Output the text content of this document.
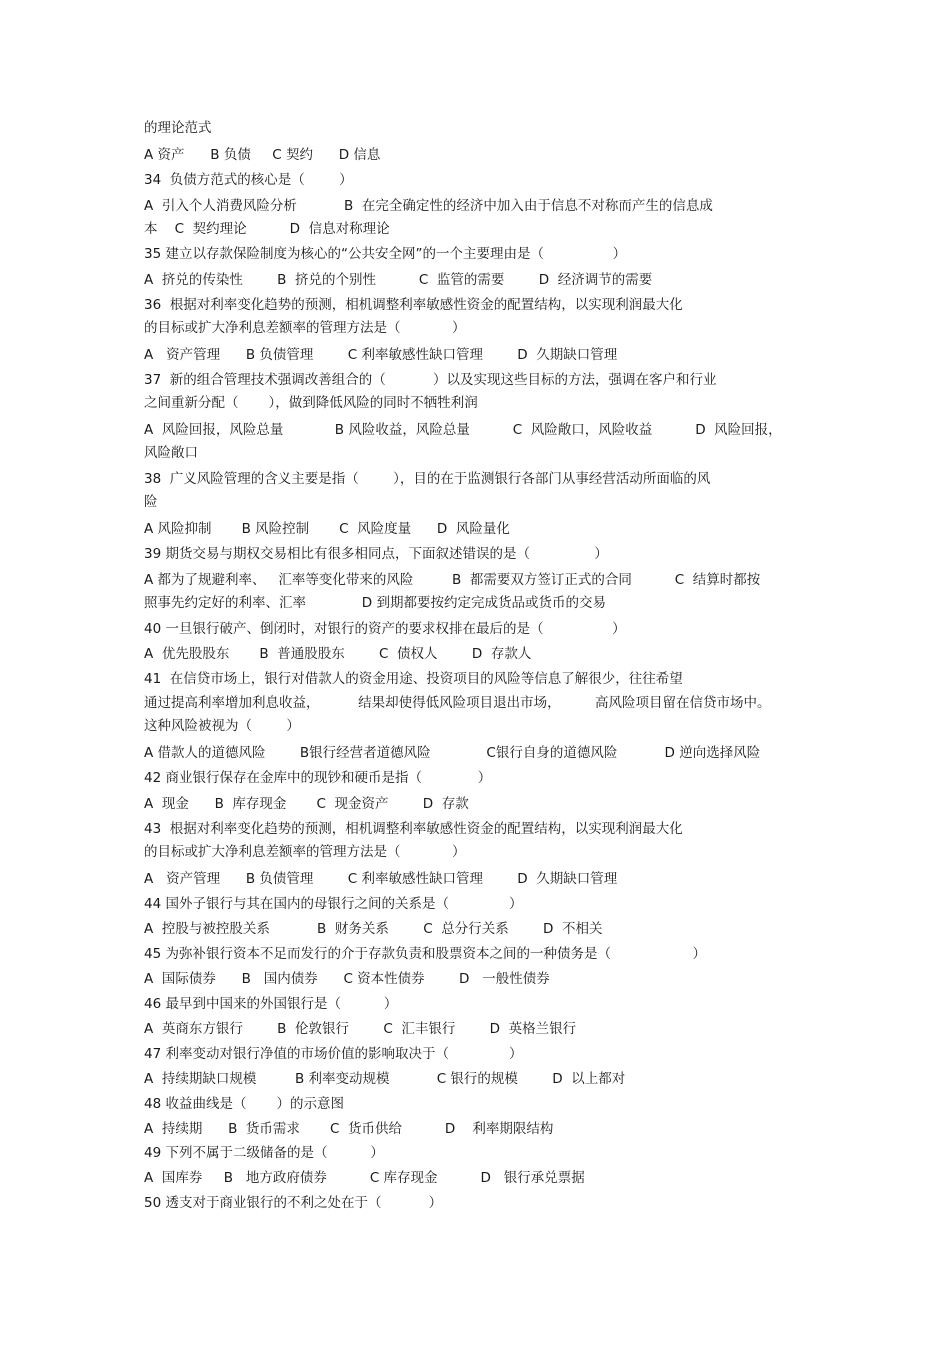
的理论范式
A 资产      B 负债     C 契约      D 信息
34  负债方范式的核心是（        ）
A  引入个人消费风险分析           B  在完全确定性的经济中加入由于信息不对称而产生的信息成
本    C  契约理论          D  信息对称理论
35 建立以存款保险制度为核心的“公共安全网”的一个主要理由是（                ）
A  挤兑的传染性        B  挤兑的个别性          C  监管的需要        D  经济调节的需要
36  根据对利率变化趋势的预测，相机调整利率敏感性资金的配置结构，以实现利润最大化
的目标或扩大净利息差额率的管理方法是（            ）
A   资产管理      B 负债管理        C 利率敏感性缺口管理        D  久期缺口管理
37  新的组合管理技术强调改善组合的（           ）以及实现这些目标的方法，强调在客户和行业
之间重新分配（       ），做到降低风险的同时不牺牲利润
A  风险回报，风险总量            B 风险收益，风险总量          C  风险敞口，风险收益          D  风险回报，
风险敞口
38  广义风险管理的含义主要是指（        ），目的在于监测银行各部门从事经营活动所面临的风
险
A 风险抑制       B 风险控制       C  风险度量      D  风险量化
39 期货交易与期权交易相比有很多相同点，下面叙述错误的是（               ）
A 都为了规避利率、   汇率等变化带来的风险         B  都需要双方签订正式的合同          C  结算时都按
照事先约定好的利率、汇率             D 到期都要按约定完成货品或货币的交易
40 一旦银行破产、倒闭时，对银行的资产的要求权排在最后的是（                ）
A  优先股股东       B  普通股股东        C  债权人        D  存款人
41  在信贷市场上，银行对借款人的资金用途、投资项目的风险等信息了解很少，往往希望
通过提高利率增加利息收益，         结果却使得低风险项目退出市场，        高风险项目留在信贷市场中。
这种风险被视为（        ）
A 借款人的道德风险        B银行经营者道德风险             C银行自身的道德风险           D 逆向选择风险
42 商业银行保存在金库中的现钞和硬币是指（             ）
A  现金      B  库存现金       C  现金资产        D  存款
43  根据对利率变化趋势的预测，相机调整利率敏感性资金的配置结构，以实现利润最大化
的目标或扩大净利息差额率的管理方法是（            ）
A   资产管理      B 负债管理        C 利率敏感性缺口管理        D  久期缺口管理
44 国外子银行与其在国内的母银行之间的关系是（              ）
A  控股与被控股关系           B  财务关系        C  总分行关系        D  不相关
45 为弥补银行资本不足而发行的介于存款负责和股票资本之间的一种债务是（                   ）
A  国际债券      B   国内债券      C 资本性债券        D   一般性债券
46 最早到中国来的外国银行是（          ）
A  英商东方银行        B  伦敦银行        C  汇丰银行        D  英格兰银行
47 利率变动对银行净值的市场价值的影响取决于（              ）
A  持续期缺口规模         B 利率变动规模           C 银行的规模        D  以上都对
48 收益曲线是（       ）的示意图
A  持续期      B  货币需求       C  货币供给          D    利率期限结构
49 下列不属于二级储备的是（          ）
A  国库券     B   地方政府债券          C 库存现金          D   银行承兑票据
50 透支对于商业银行的不利之处在于（           ）
